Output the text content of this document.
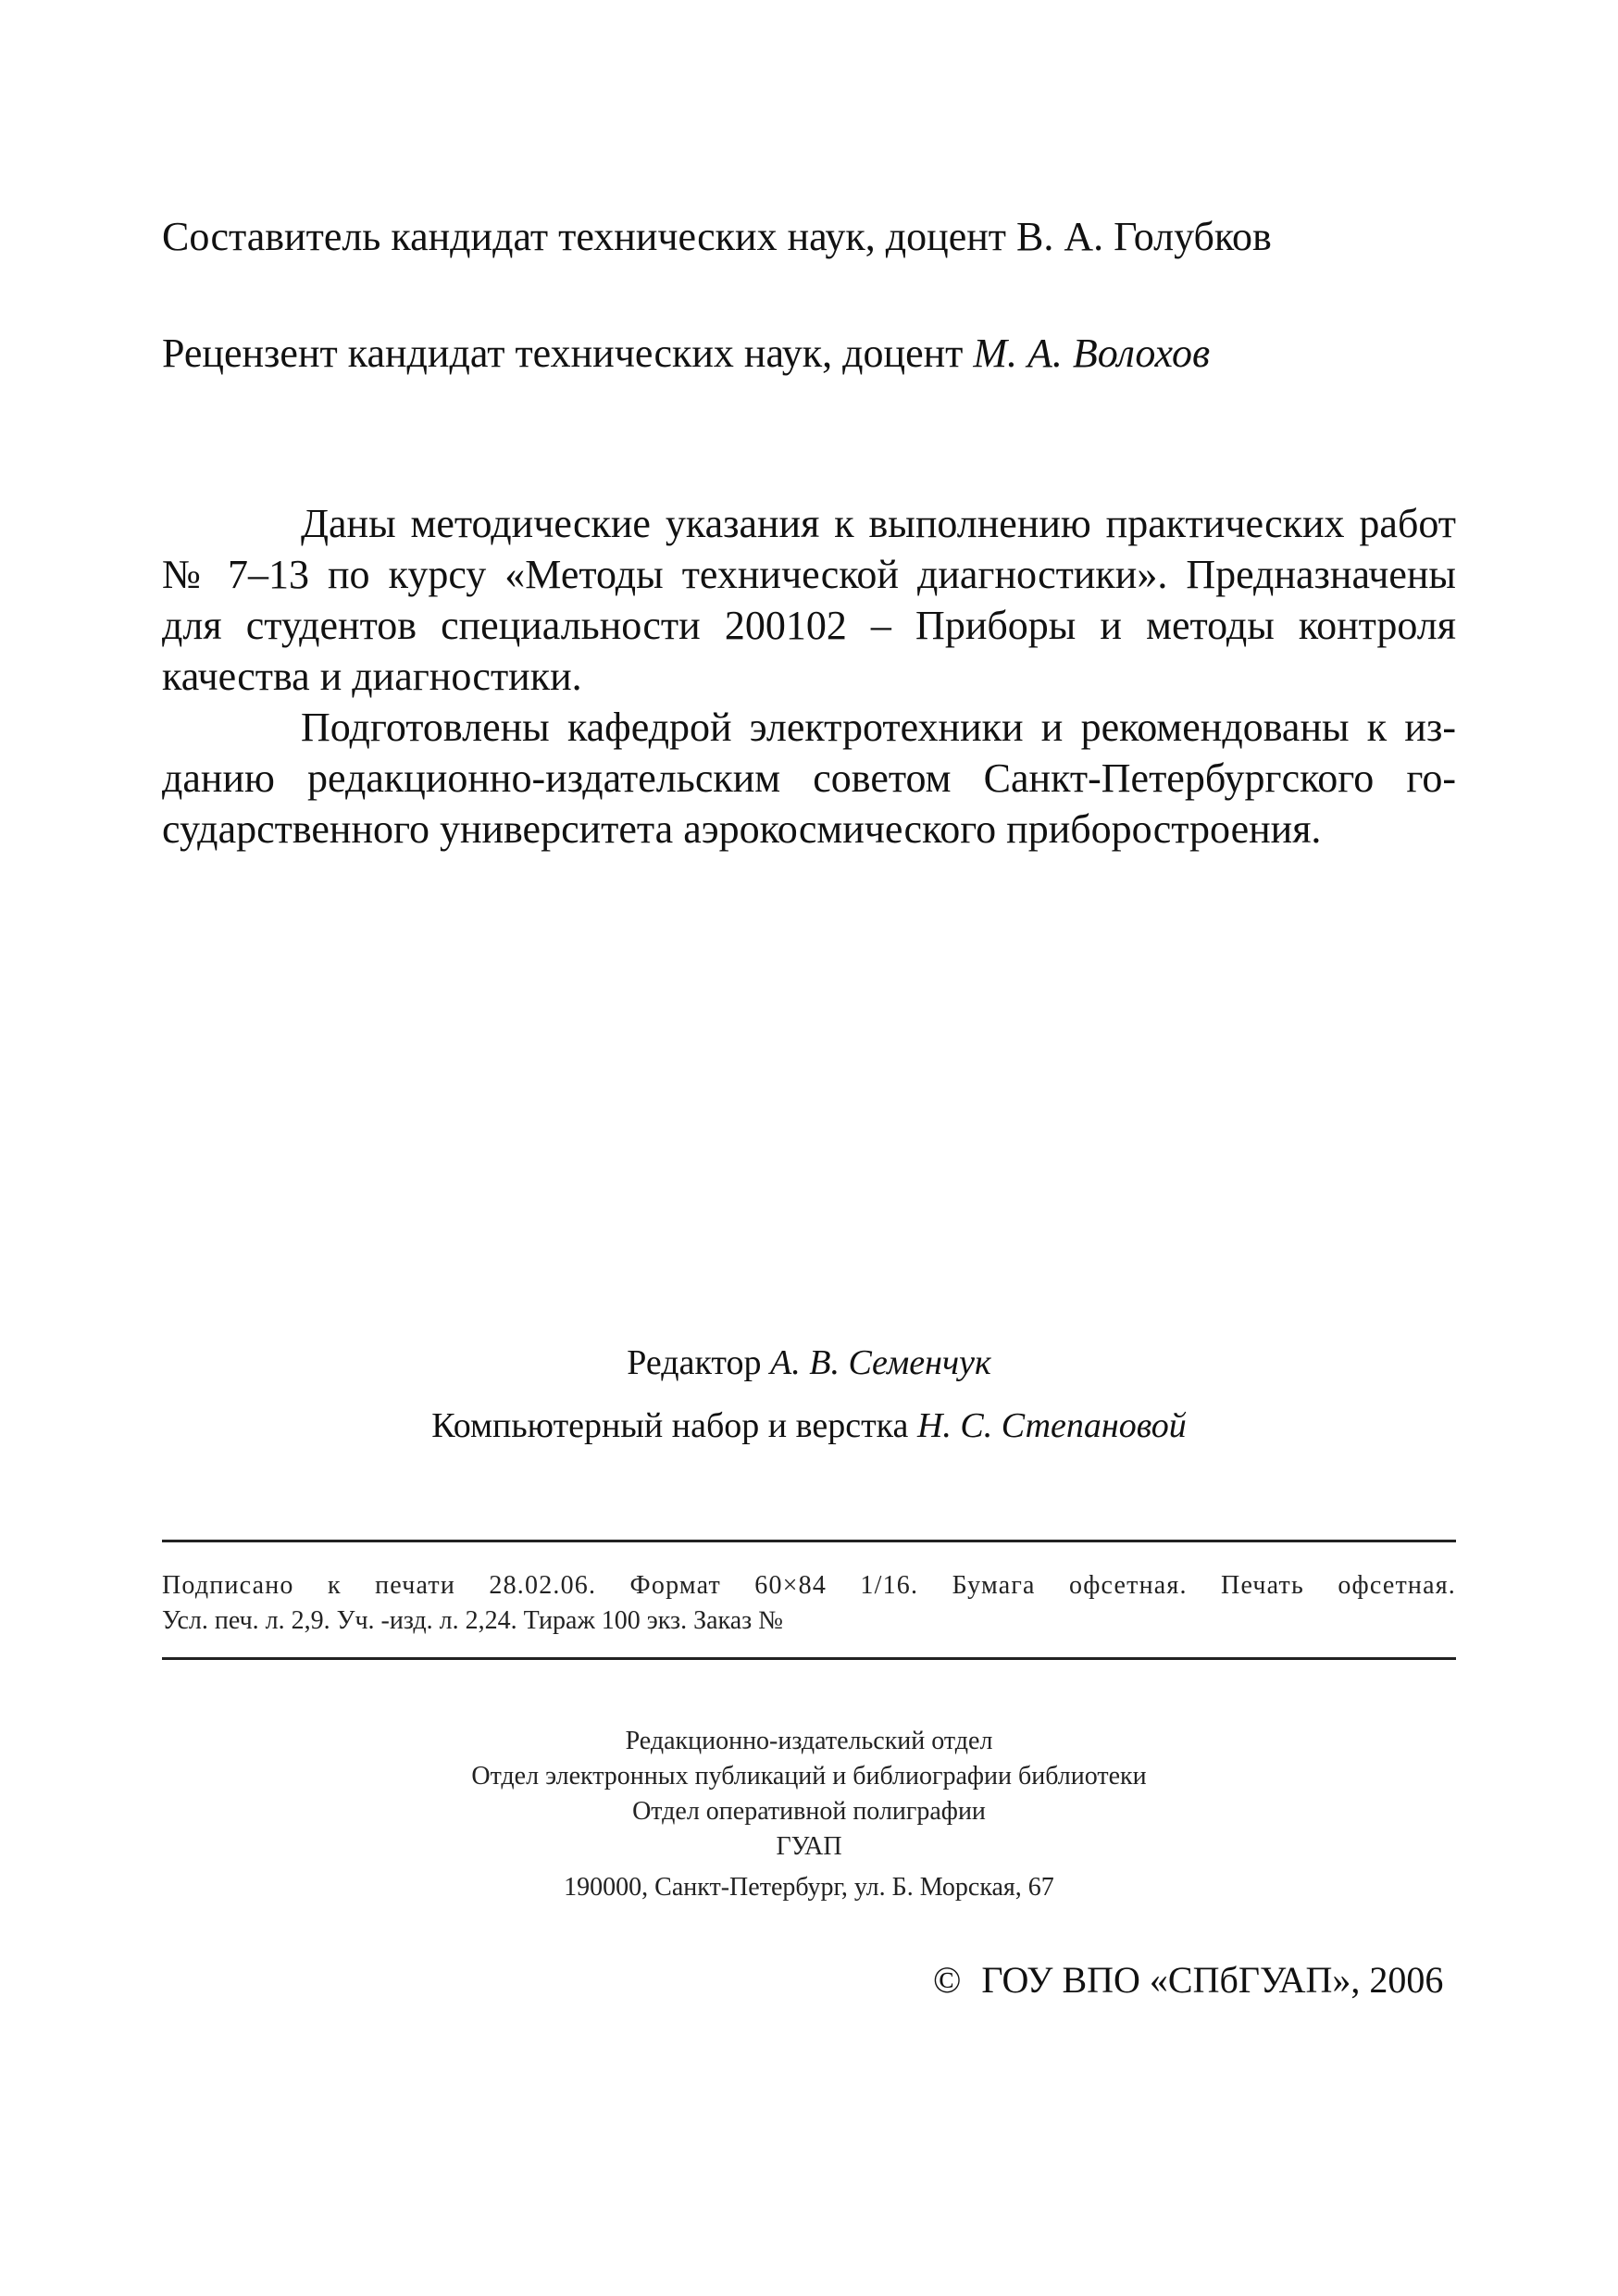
Составитель кандидат технических наук, доцент В. А. Голубков
Рецензент кандидат технических наук, доцент М. А. Волохов

Даны методические указания к выполнению практических работ № 7–13 по курсу «Методы технической диагностики». Предназначены для студентов специальности 200102 – Приборы и методы контроля качества и диагностики.

Подготовлены кафедрой электротехники и рекомендованы к изданию редакционно-издательским советом Санкт-Петербургского государственного университета аэрокосмического приборостроения.

Редактор А. В. Семенчук
Компьютерный набор и верстка Н. С. Степановой
Подписано к печати 28.02.06. Формат 60×84 1/16. Бумага офсетная. Печать офсетная.
Усл. печ. л. 2,9. Уч. -изд. л. 2,24. Тираж 100 экз. Заказ №
Редакционно-издательский отдел
Отдел электронных публикаций и библиографии библиотеки
Отдел оперативной полиграфии
ГУАП
190000, Санкт-Петербург, ул. Б. Морская, 67
© ГОУ ВПО «СПбГУАП», 2006
